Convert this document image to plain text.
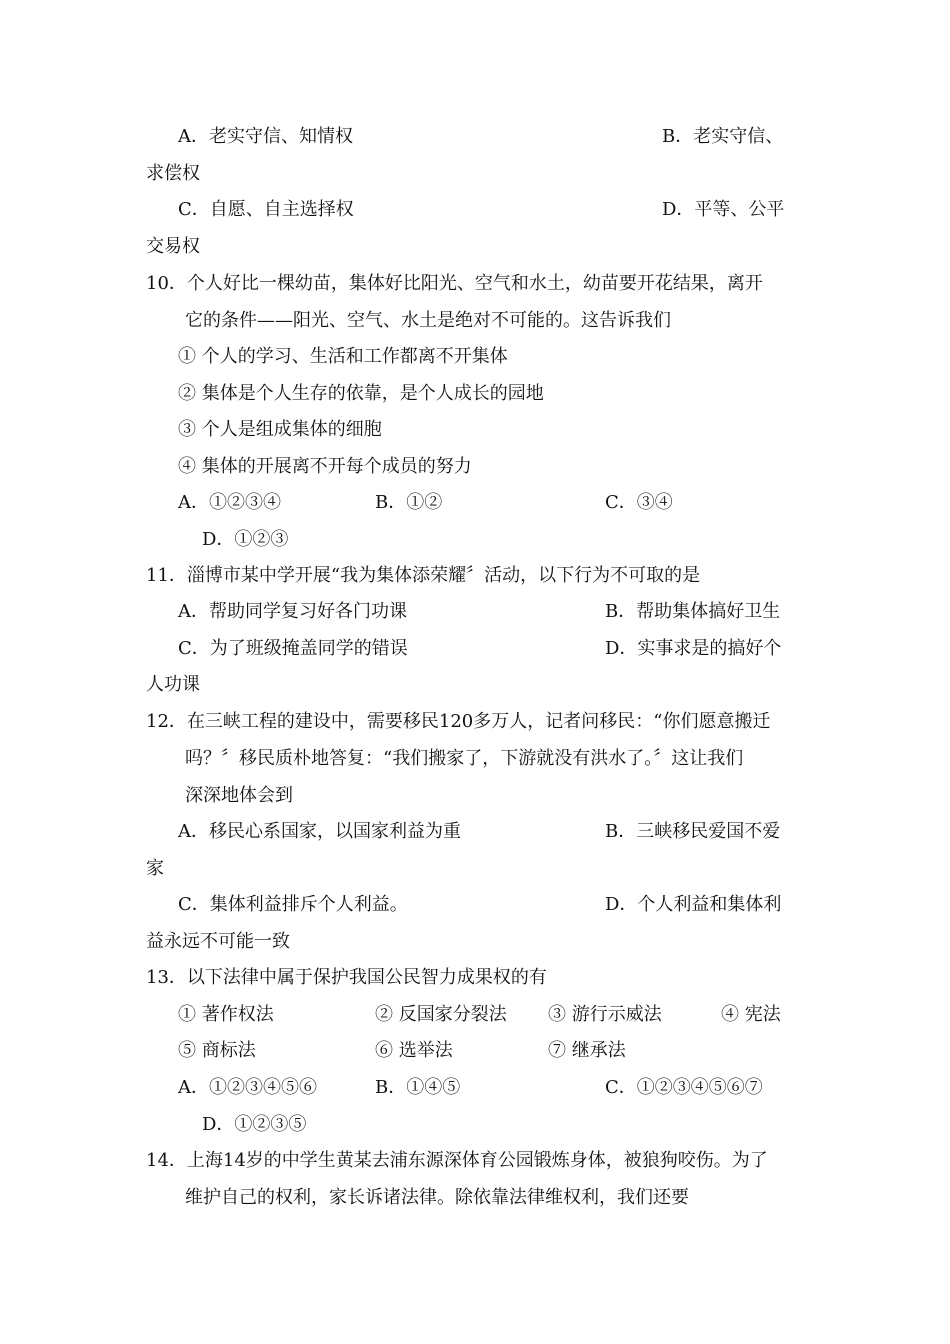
A．老实守信、知情权	B．老实守信、
求偿权
C．自愿、自主选择权	D．平等、公平
交易权
10．个人好比一棵幼苗，集体好比阳光、空气和水土，幼苗要开花结果，离开
它的条件——阳光、空气、水土是绝对不可能的。这告诉我们
① 个人的学习、生活和工作都离不开集体
② 集体是个人生存的依靠，是个人成长的园地
③ 个人是组成集体的细胞
④ 集体的开展离不开每个成员的努力
A．①②③④	B．①②	C．③④
D．①②③
11．淄博市某中学开展“我为集体添荣耀〞活动，以下行为不可取的是
A．帮助同学复习好各门功课	B．帮助集体搞好卫生
C．为了班级掩盖同学的错误	D．实事求是的搞好个
人功课
12．在三峡工程的建设中，需要移民120多万人，记者问移民：“你们愿意搬迁
吗？〞移民质朴地答复：“我们搬家了，下游就没有洪水了。〞这让我们
深深地体会到
A．移民心系国家，以国家利益为重	B．三峡移民爱国不爱
家
C．集体利益排斥个人利益。	D．个人利益和集体利
益永远不可能一致
13．以下法律中属于保护我国公民智力成果权的有
① 著作权法	② 反国家分裂法 ③ 游行示威法	④ 宪法
⑤ 商标法	⑥ 选举法	⑦ 继承法
A．①②③④⑤⑥	B．①④⑤	C．①②③④⑤⑥⑦
D．①②③⑤
14．上海14岁的中学生黄某去浦东源深体育公园锻炼身体，被狼狗咬伤。为了
维护自己的权利，家长诉诸法律。除依靠法律维权利，我们还要
